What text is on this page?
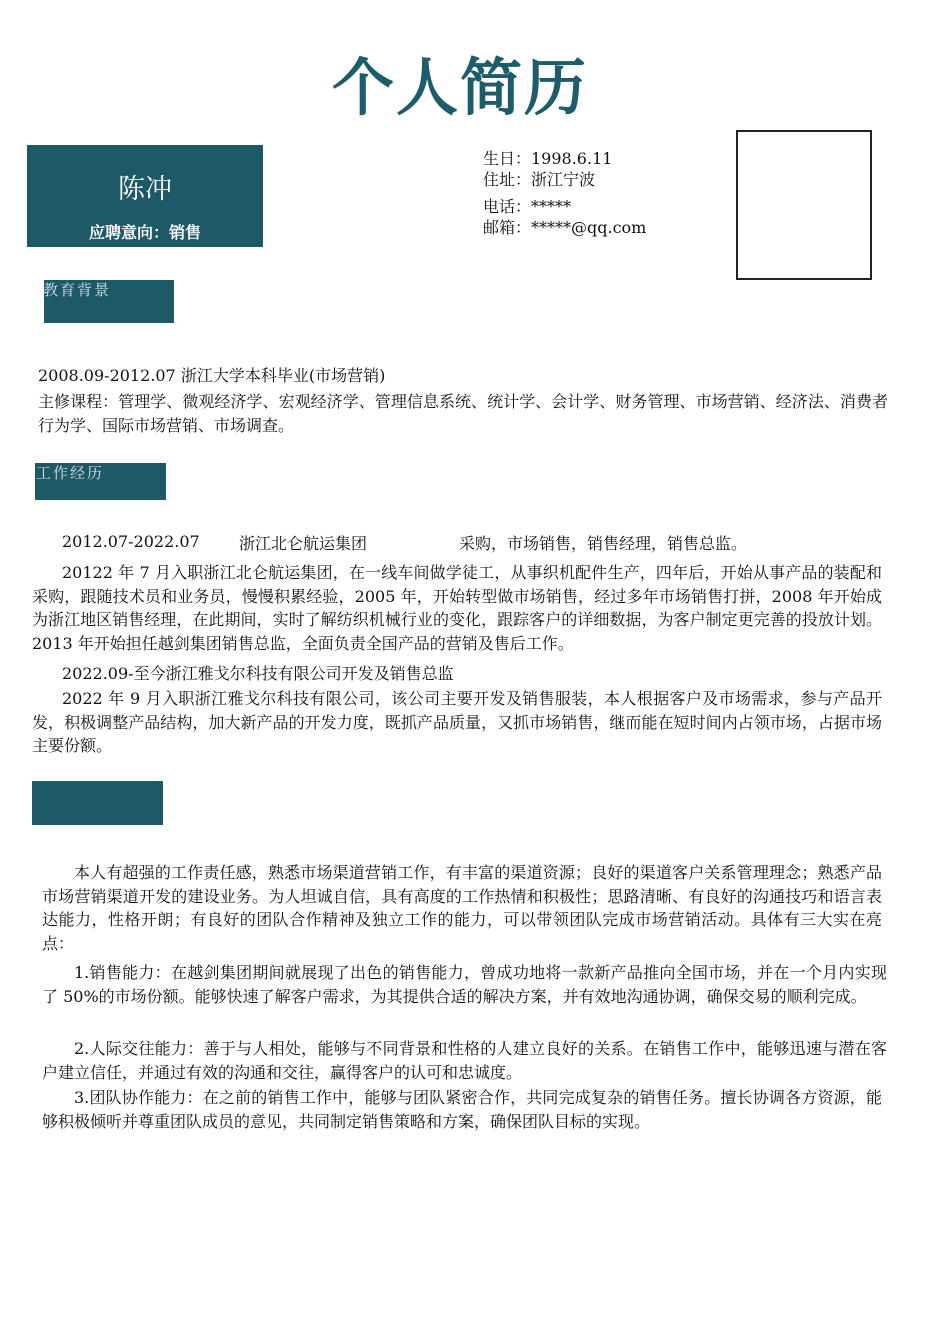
个人简历
陈冲
应聘意向：销售
生日：1998.6.11
住址：浙江宁波
电话：*****
邮箱：*****@qq.com
教育背景
2008.09-2012.07 浙江大学本科毕业(市场营销)
主修课程：管理学、微观经济学、宏观经济学、管理信息系统、统计学、会计学、财务管理、市场营销、经济法、消费者行为学、国际市场营销、市场调查。
工作经历
2012.07-2022.07 浙江北仑航运集团	采购，市场销售，销售经理，销售总监。
20122 年 7 月入职浙江北仑航运集团，在一线车间做学徒工，从事织机配件生产，四年后，开始从事产品的装配和采购，跟随技术员和业务员，慢慢积累经验，2005 年，开始转型做市场销售，经过多年市场销售打拼，2008 年开始成为浙江地区销售经理，在此期间，实时了解纺织机械行业的变化，跟踪客户的详细数据，为客户制定更完善的投放计划。2013 年开始担任越剑集团销售总监，全面负责全国产品的营销及售后工作。
2022.09-至今浙江雅戈尔科技有限公司开发及销售总监
2022 年 9 月入职浙江雅戈尔科技有限公司，该公司主要开发及销售服装，本人根据客户及市场需求，参与产品开发，积极调整产品结构，加大新产品的开发力度，既抓产品质量，又抓市场销售，继而能在短时间内占领市场，占据市场主要份额。
本人有超强的工作责任感，熟悉市场渠道营销工作，有丰富的渠道资源；良好的渠道客户关系管理理念；熟悉产品市场营销渠道开发的建设业务。为人坦诚自信，具有高度的工作热情和积极性；思路清晰、有良好的沟通技巧和语言表达能力，性格开朗；有良好的团队合作精神及独立工作的能力，可以带领团队完成市场营销活动。具体有三大实在亮点：
1.销售能力：在越剑集团期间就展现了出色的销售能力，曾成功地将一款新产品推向全国市场，并在一个月内实现了 50%的市场份额。能够快速了解客户需求，为其提供合适的解决方案，并有效地沟通协调，确保交易的顺利完成。
2.人际交往能力：善于与人相处，能够与不同背景和性格的人建立良好的关系。在销售工作中，能够迅速与潜在客户建立信任，并通过有效的沟通和交往，赢得客户的认可和忠诚度。
3.团队协作能力：在之前的销售工作中，能够与团队紧密合作，共同完成复杂的销售任务。擅长协调各方资源，能够积极倾听并尊重团队成员的意见，共同制定销售策略和方案，确保团队目标的实现。
